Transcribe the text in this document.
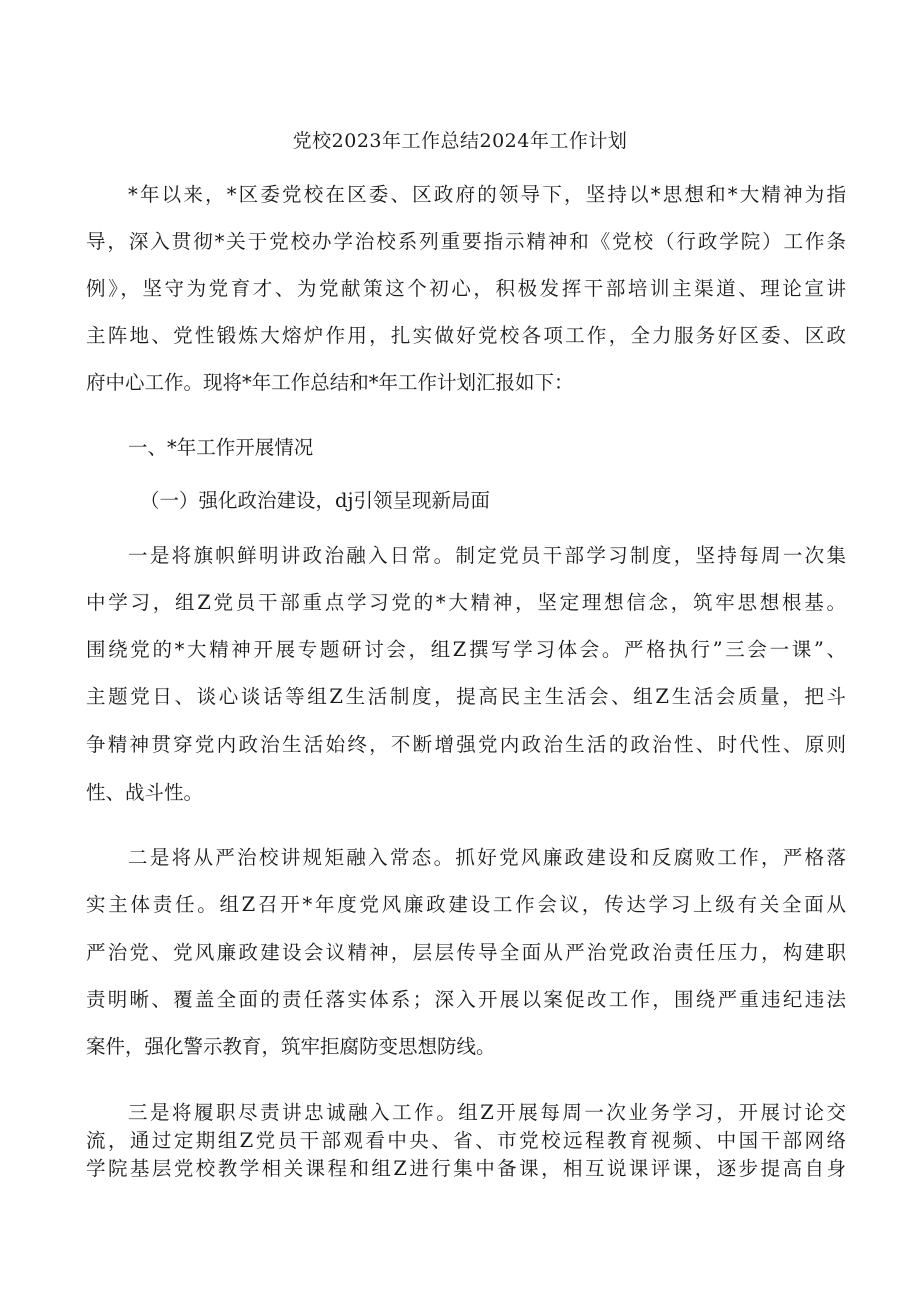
党校2023年工作总结2024年工作计划
*年以来，*区委党校在区委、区政府的领导下，坚持以*思想和*大精神为指
导，深入贯彻*关于党校办学治校系列重要指示精神和《党校（行政学院）工作条
例》，坚守为党育才、为党献策这个初心，积极发挥干部培训主渠道、理论宣讲
主阵地、党性锻炼大熔炉作用，扎实做好党校各项工作，全力服务好区委、区政
府中心工作。现将*年工作总结和*年工作计划汇报如下：
一、*年工作开展情况
（一）强化政治建设，dj引领呈现新局面
一是将旗帜鲜明讲政治融入日常。制定党员干部学习制度，坚持每周一次集
中学习，组Z党员干部重点学习党的*大精神，坚定理想信念，筑牢思想根基。
围绕党的*大精神开展专题研讨会，组Z撰写学习体会。严格执行”三会一课”、
主题党日、谈心谈话等组Z生活制度，提高民主生活会、组Z生活会质量，把斗
争精神贯穿党内政治生活始终，不断增强党内政治生活的政治性、时代性、原则
性、战斗性。
二是将从严治校讲规矩融入常态。抓好党风廉政建设和反腐败工作，严格落
实主体责任。组Z召开*年度党风廉政建设工作会议，传达学习上级有关全面从
严治党、党风廉政建设会议精神，层层传导全面从严治党政治责任压力，构建职
责明晰、覆盖全面的责任落实体系；深入开展以案促改工作，围绕严重违纪违法
案件，强化警示教育，筑牢拒腐防变思想防线。
三是将履职尽责讲忠诚融入工作。组Z开展每周一次业务学习，开展讨论交
流，通过定期组Z党员干部观看中央、省、市党校远程教育视频、中国干部网络
学院基层党校教学相关课程和组Z进行集中备课，相互说课评课，逐步提高自身
